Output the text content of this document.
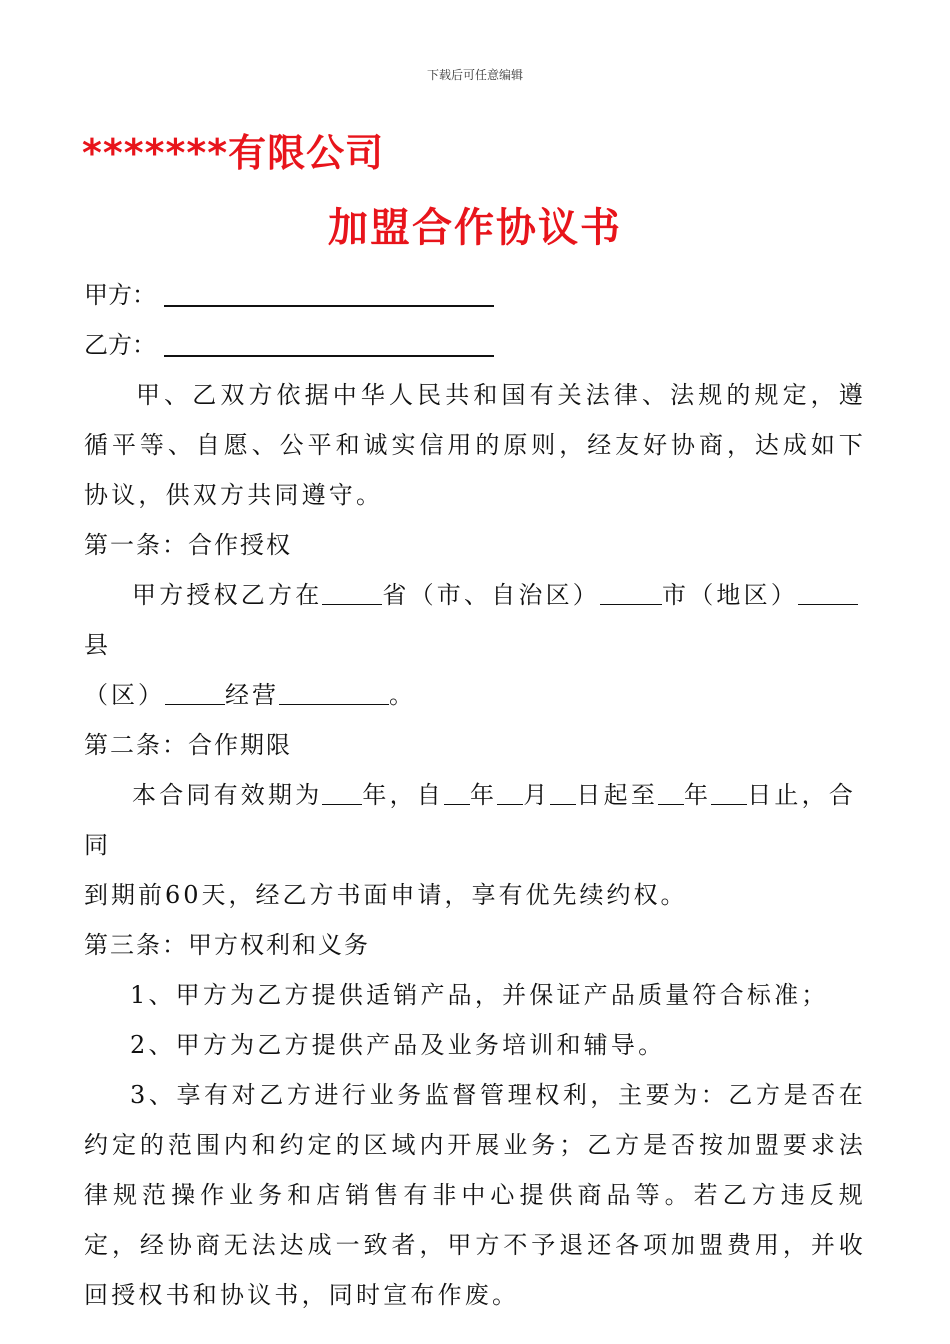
下载后可任意编辑
*******有限公司
加盟合作协议书
甲方：
乙方：
甲、乙双方依据中华人民共和国有关法律、法规的规定，遵循平等、自愿、公平和诚实信用的原则，经友好协商，达成如下协议，供双方共同遵守。
第一条：合作授权
甲方授权乙方在	省（市、自治区）	市（地区）县
（区）	经营	。
第二条：合作期限
本合同有效期为 年，自 年 月 日起至 年 日止，合同
到期前60天，经乙方书面申请，享有优先续约权。
第三条：甲方权利和义务
1、甲方为乙方提供适销产品，并保证产品质量符合标准；
2、甲方为乙方提供产品及业务培训和辅导。
3、享有对乙方进行业务监督管理权利，主要为：乙方是否在约定的范围内和约定的区域内开展业务；乙方是否按加盟要求法律规范操作业务和店销售有非中心提供商品等。若乙方违反规定，经协商无法达成一致者，甲方不予退还各项加盟费用，并收回授权书和协议书，同时宣布作废。
